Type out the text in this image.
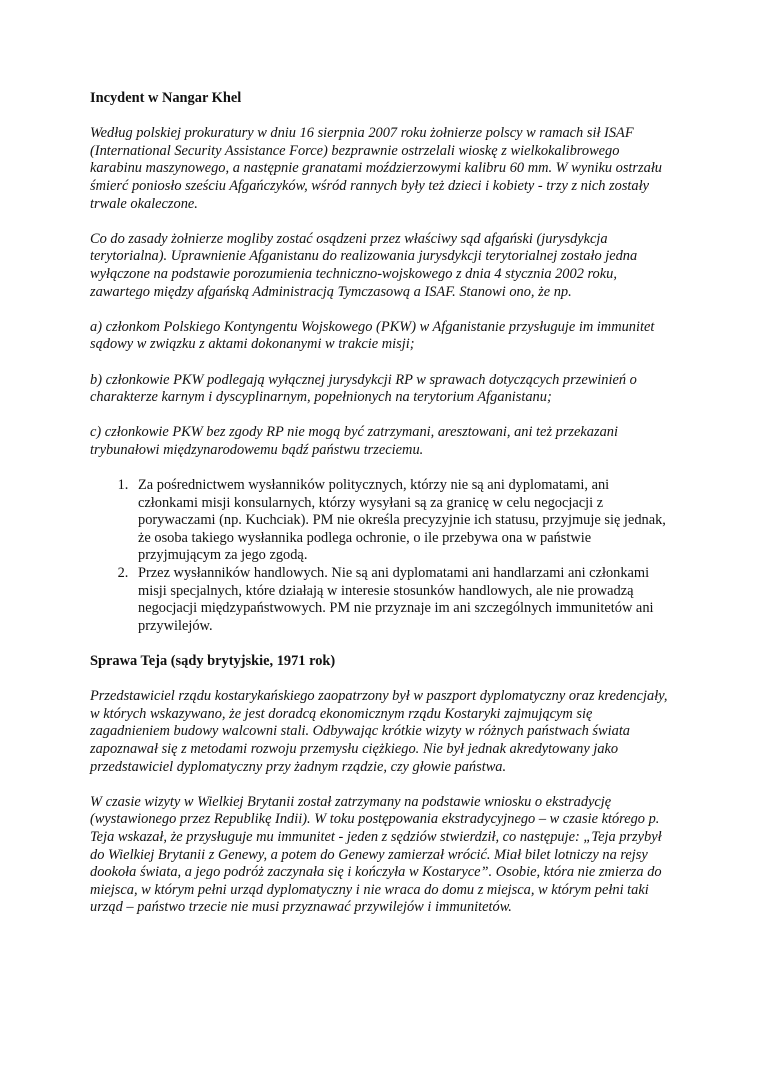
Incydent w Nangar Khel

Według polskiej prokuratury w dniu 16 sierpnia 2007 roku żołnierze polscy w ramach sił ISAF (International Security Assistance Force) bezprawnie ostrzelali wioskę z wielkokalibrowego karabinu maszynowego, a następnie granatami moździerzowymi kalibru 60 mm. W wyniku ostrzału śmierć poniosło sześciu Afgańczyków, wśród rannych były też dzieci i kobiety - trzy z nich zostały trwale okaleczone.

Co do zasady żołnierze mogliby zostać osądzeni przez właściwy sąd afgański (jurysdykcja terytorialna). Uprawnienie Afganistanu do realizowania jurysdykcji terytorialnej zostało jedna wyłączone na podstawie porozumienia techniczno-wojskowego z dnia 4 stycznia 2002 roku, zawartego między afgańską Administracją Tymczasową a ISAF. Stanowi ono, że np.

a) członkom Polskiego Kontyngentu Wojskowego (PKW) w Afganistanie przysługuje im immunitet sądowy w związku z aktami dokonanymi w trakcie misji;

b) członkowie PKW podlegają wyłącznej jurysdykcji RP w sprawach dotyczących przewinień o charakterze karnym i dyscyplinarnym, popełnionych na terytorium Afganistanu;

c) członkowie PKW bez zgody RP nie mogą być zatrzymani, aresztowani, ani też przekazani trybunałowi międzynarodowemu bądź państwu trzeciemu.

1. Za pośrednictwem wysłanników politycznych, którzy nie są ani dyplomatami, ani członkami misji konsularnych, którzy wysyłani są za granicę w celu negocjacji z porywaczami (np. Kuchciak). PM nie określa precyzyjnie ich statusu, przyjmuje się jednak, że osoba takiego wysłannika podlega ochronie, o ile przebywa ona w państwie przyjmującym za jego zgodą.
2. Przez wysłanników handlowych. Nie są ani dyplomatami ani handlarzami ani członkami misji specjalnych, które działają w interesie stosunków handlowych, ale nie prowadzą negocjacji międzypaństwowych. PM nie przyznaje im ani szczególnych immunitetów ani przywilejów.
Sprawa Teja (sądy brytyjskie, 1971 rok)

Przedstawiciel rządu kostarykańskiego zaopatrzony był w paszport dyplomatyczny oraz kredencjały, w których wskazywano, że jest doradcą ekonomicznym rządu Kostaryki zajmującym się zagadnieniem budowy walcowni stali. Odbywając krótkie wizyty w różnych państwach świata zapoznawał się z metodami rozwoju przemysłu ciężkiego. Nie był jednak akredytowany jako przedstawiciel dyplomatyczny przy żadnym rządzie, czy głowie państwa.

W czasie wizyty w Wielkiej Brytanii został zatrzymany na podstawie wniosku o ekstradycję (wystawionego przez Republikę Indii). W toku postępowania ekstradycyjnego – w czasie którego p. Teja wskazał, że przysługuje mu immunitet - jeden z sędziów stwierdził, co następuje: „Teja przybył do Wielkiej Brytanii z Genewy, a potem do Genewy zamierzał wrócić. Miał bilet lotniczy na rejsy dookoła świata, a jego podróż zaczynała się i kończyła w Kostaryce”. Osobie, która nie zmierza do miejsca, w którym pełni urząd dyplomatyczny i nie wraca do domu z miejsca, w którym pełni taki urząd – państwo trzecie nie musi przyznawać przywilejów i immunitetów.
